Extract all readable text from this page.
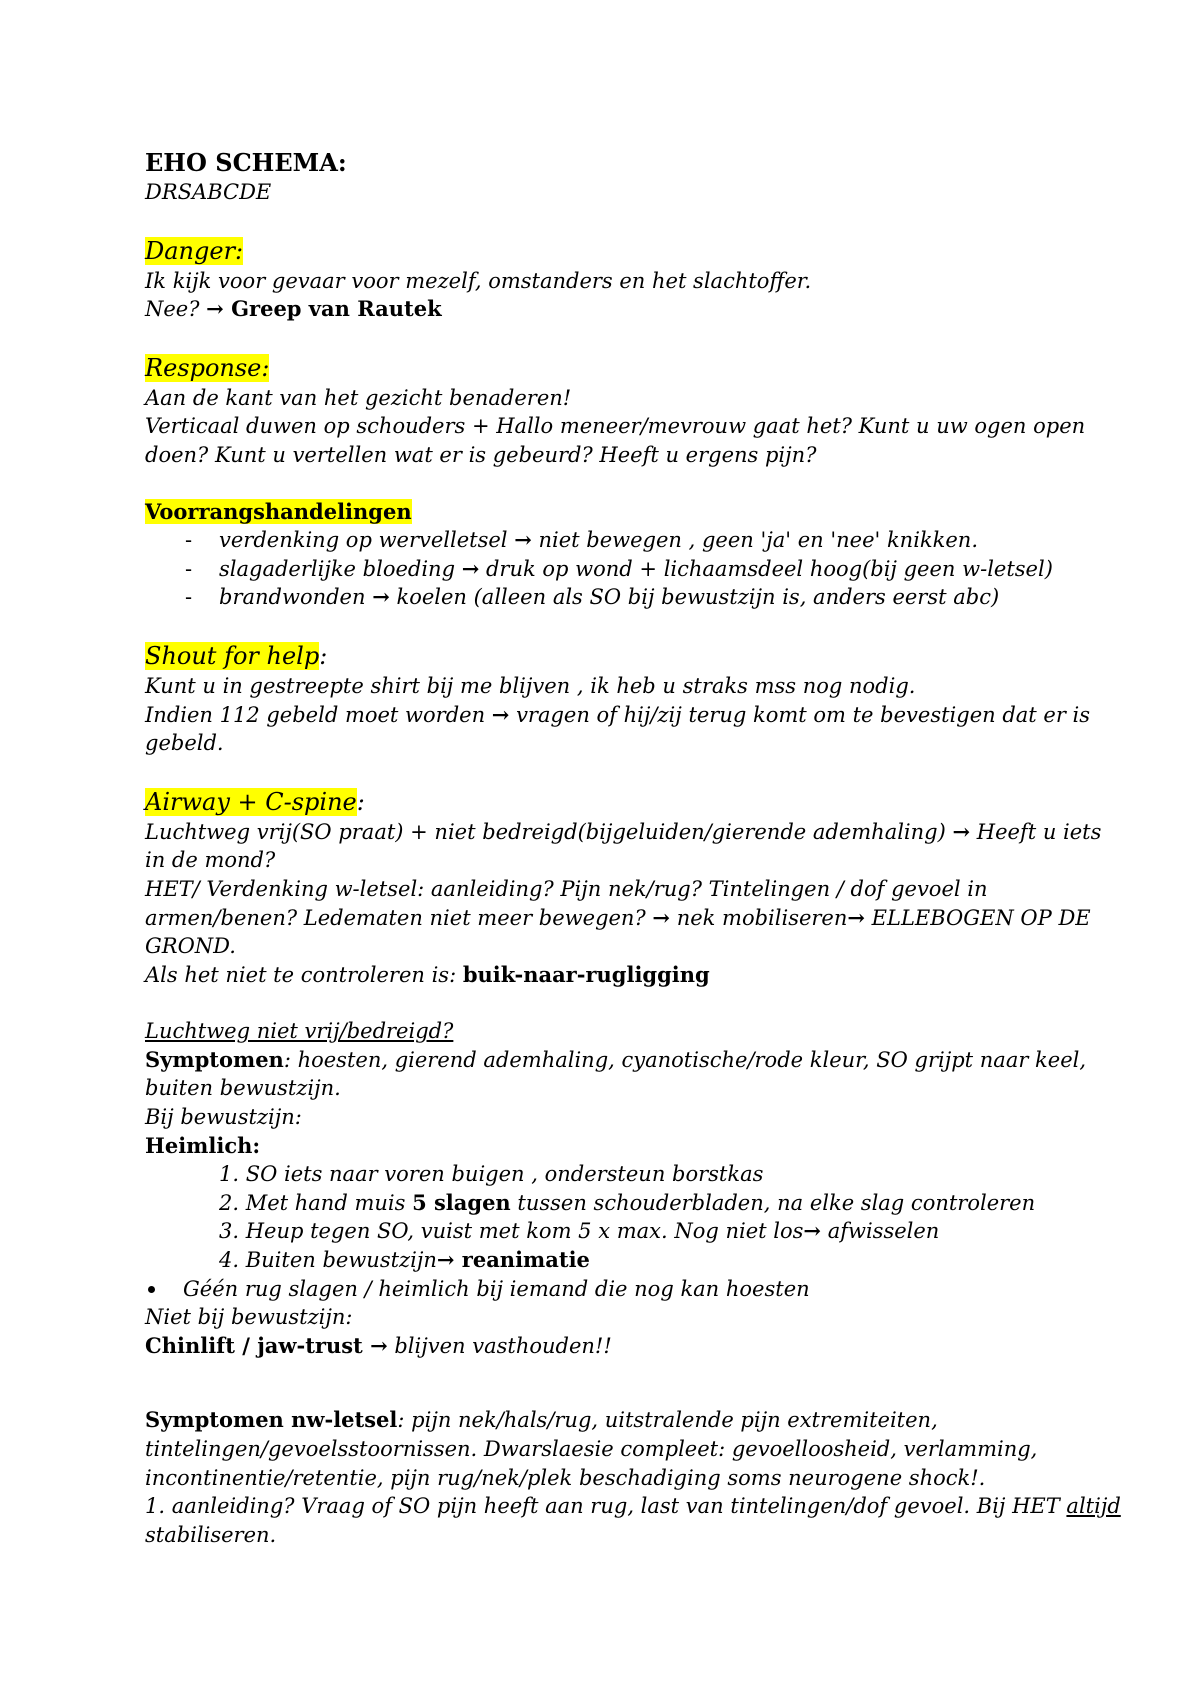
EHO SCHEMA:
DRSABCDE
Danger:
Ik kijk voor gevaar voor mezelf, omstanders en het slachtoffer.
Nee? → Greep van Rautek
Response:
Aan de kant van het gezicht benaderen!
Verticaal duwen op schouders + Hallo meneer/mevrouw gaat het? Kunt u uw ogen open
doen? Kunt u vertellen wat er is gebeurd? Heeft u ergens pijn?
Voorrangshandelingen
- verdenking op wervelletsel → niet bewegen , geen 'ja' en 'nee' knikken.
- slagaderlijke bloeding → druk op wond + lichaamsdeel hoog(bij geen w-letsel)
- brandwonden → koelen (alleen als SO bij bewustzijn is, anders eerst abc)
Shout for help:
Kunt u in gestreepte shirt bij me blijven , ik heb u straks mss nog nodig.
Indien 112 gebeld moet worden → vragen of hij/zij terug komt om te bevestigen dat er is
gebeld.
Airway + C-spine:
Luchtweg vrij(SO praat) + niet bedreigd(bijgeluiden/gierende ademhaling) → Heeft u iets
in de mond?
HET/ Verdenking w-letsel: aanleiding? Pijn nek/rug? Tintelingen / dof gevoel in
armen/benen? Ledematen niet meer bewegen? → nek mobiliseren→ ELLEBOGEN OP DE
GROND.
Als het niet te controleren is: buik-naar-rugligging
Luchtweg niet vrij/bedreigd?
Symptomen: hoesten, gierend ademhaling, cyanotische/rode kleur, SO grijpt naar keel,
buiten bewustzijn.
Bij bewustzijn:
Heimlich:
1. SO iets naar voren buigen , ondersteun borstkas
2. Met hand muis 5 slagen tussen schouderbladen, na elke slag controleren
3. Heup tegen SO, vuist met kom 5 x max. Nog niet los→ afwisselen
4. Buiten bewustzijn→ reanimatie
Géén rug slagen / heimlich bij iemand die nog kan hoesten
Niet bij bewustzijn:
Chinlift / jaw-trust → blijven vasthouden!!
Symptomen nw-letsel: pijn nek/hals/rug, uitstralende pijn extremiteiten,
tintelingen/gevoelsstoornissen. Dwarslaesie compleet: gevoelloosheid, verlamming,
incontinentie/retentie, pijn rug/nek/plek beschadiging soms neurogene shock!.
1. aanleiding? Vraag of SO pijn heeft aan rug, last van tintelingen/dof gevoel. Bij HET altijd
stabiliseren.
